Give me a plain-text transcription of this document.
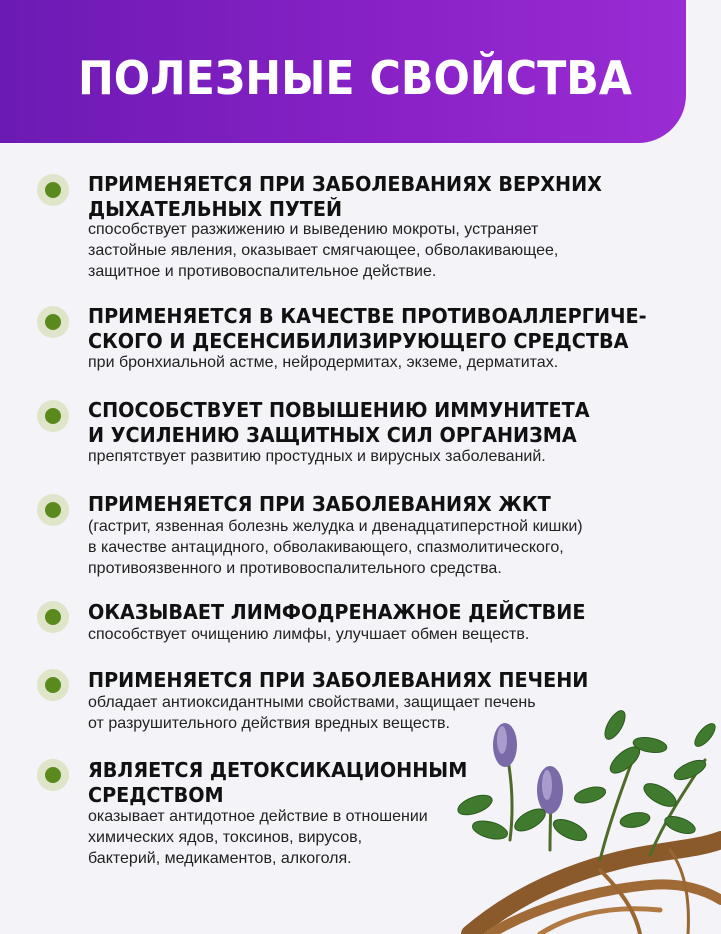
ПОЛЕЗНЫЕ СВОЙСТВА
ПРИМЕНЯЕТСЯ ПРИ ЗАБОЛЕВАНИЯХ ВЕРХНИХ
ДЫХАТЕЛЬНЫХ ПУТЕЙ

способствует разжижению и выведению мокроты, устраняет
застойные явления, оказывает смягчающее, обволакивающее,
защитное и противовоспалительное действие.

ПРИМЕНЯЕТСЯ В КАЧЕСТВЕ ПРОТИВОАЛЛЕРГИЧЕ-
СКОГО И ДЕСЕНСИБИЛИЗИРУЮЩЕГО СРЕДСТВА

при бронхиальной астме, нейродермитах, экземе, дерматитах.

СПОСОБСТВУЕТ ПОВЫШЕНИЮ ИММУНИТЕТА
И УСИЛЕНИЮ ЗАЩИТНЫХ СИЛ ОРГАНИЗМА

препятствует развитию простудных и вирусных заболеваний.

ПРИМЕНЯЕТСЯ ПРИ ЗАБОЛЕВАНИЯХ ЖКТ

(гастрит, язвенная болезнь желудка и двенадцатиперстной кишки)
в качестве антацидного, обволакивающего, спазмолитического,
противоязвенного и противовоспалительного средства.

ОКАЗЫВАЕТ ЛИМФОДРЕНАЖНОЕ ДЕЙСТВИЕ

способствует очищению лимфы, улучшает обмен веществ.

ПРИМЕНЯЕТСЯ ПРИ ЗАБОЛЕВАНИЯХ ПЕЧЕНИ

обладает антиоксидантными свойствами, защищает печень
от разрушительного действия вредных веществ.

ЯВЛЯЕТСЯ ДЕТОКСИКАЦИОННЫМ
СРЕДСТВОМ

оказывает антидотное действие в отношении
химических ядов, токсинов, вирусов,
бактерий, медикаментов, алкоголя.
